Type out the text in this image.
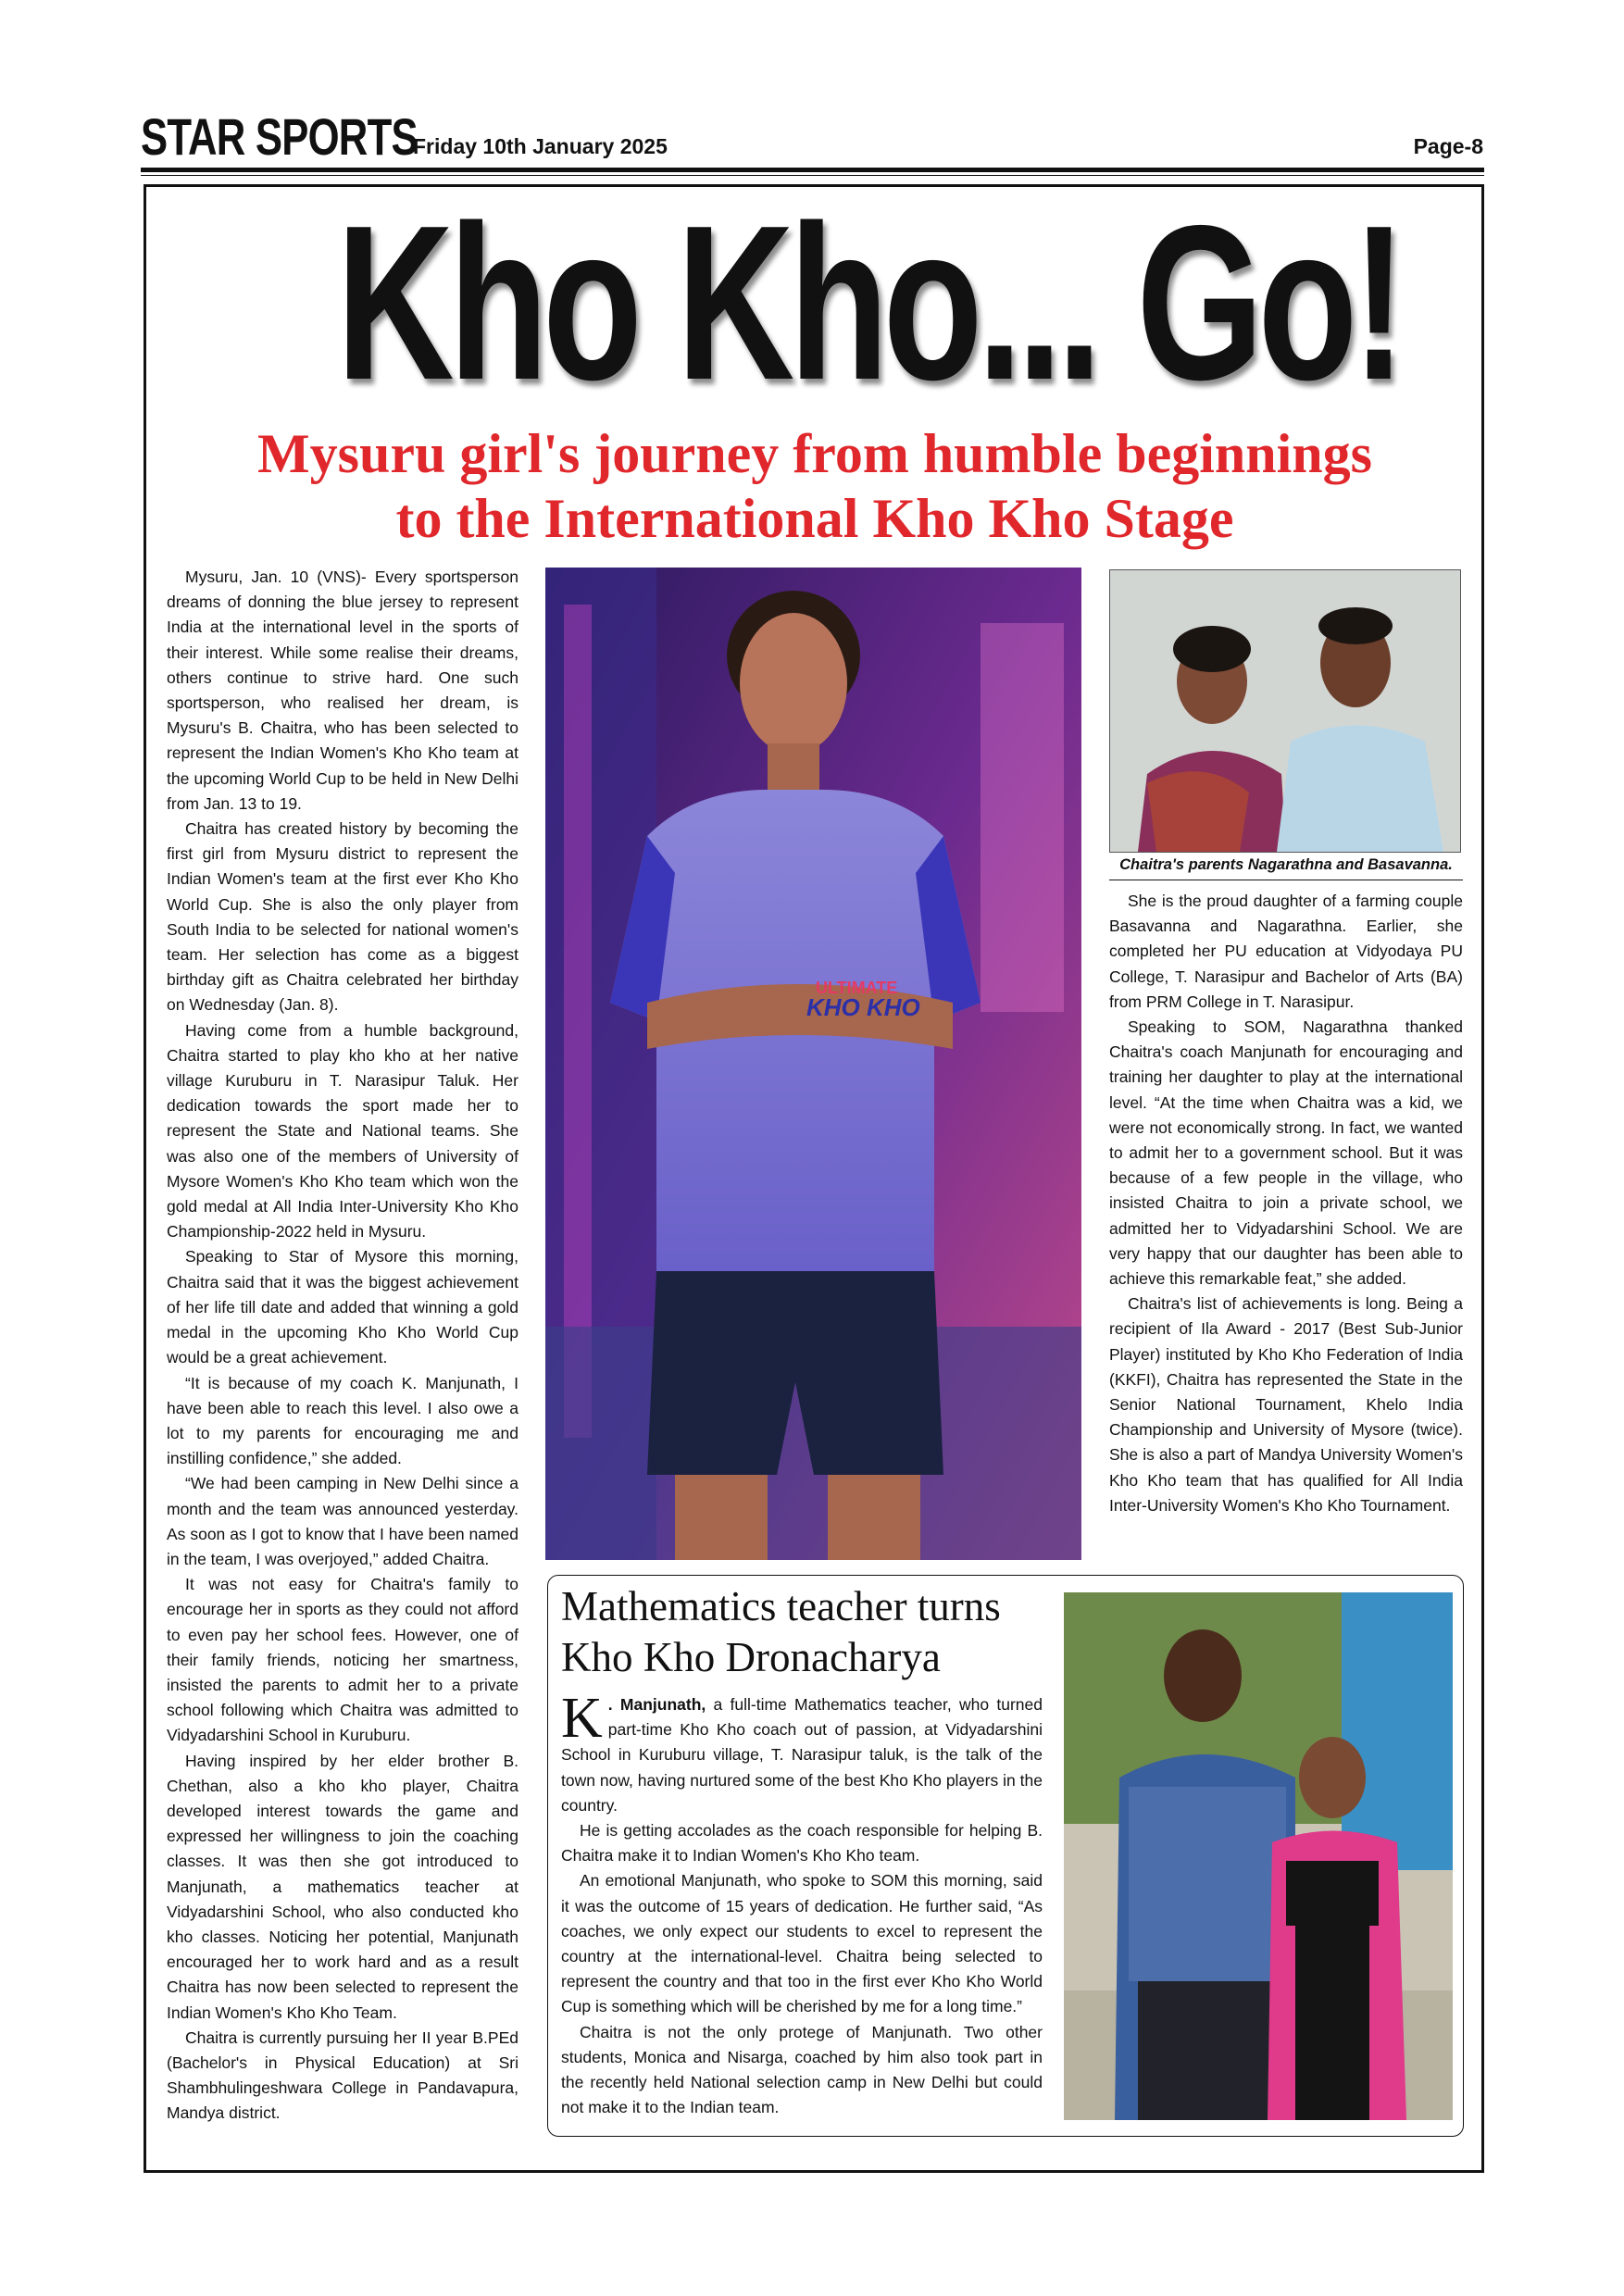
STAR SPORTS
Friday 10th January 2025	Page-8
Kho Kho... Go!
Mysuru girl's journey from humble beginnings
to the International Kho Kho Stage

Mysuru, Jan. 10 (VNS)- Every sportsperson dreams of donning the blue jersey to represent India at the international level in the sports of their interest. While some realise their dreams, others continue to strive hard. One such sportsperson, who realised her dream, is Mysuru's B. Chaitra, who has been selected to represent the Indian Women's Kho Kho team at the upcoming World Cup to be held in New Delhi from Jan. 13 to 19.

Chaitra has created history by becoming the first girl from Mysuru district to represent the Indian Women's team at the first ever Kho Kho World Cup. She is also the only player from South India to be selected for national women's team. Her selection has come as a biggest birthday gift as Chaitra celebrated her birthday on Wednesday (Jan. 8).

Having come from a humble background, Chaitra started to play kho kho at her native village Kuruburu in T. Narasipur Taluk. Her dedication towards the sport made her to represent the State and National teams. She was also one of the members of University of Mysore Women's Kho Kho team which won the gold medal at All India Inter-University Kho Kho Championship-2022 held in Mysuru.

Speaking to Star of Mysore this morning, Chaitra said that it was the biggest achievement of her life till date and added that winning a gold medal in the upcoming Kho Kho World Cup would be a great achievement.

“It is because of my coach K. Manjunath, I have been able to reach this level. I also owe a lot to my parents for encouraging me and instilling confidence,” she added.

“We had been camping in New Delhi since a month and the team was announced yesterday. As soon as I got to know that I have been named in the team, I was overjoyed,” added Chaitra.

It was not easy for Chaitra's family to encourage her in sports as they could not afford to even pay her school fees. However, one of their family friends, noticing her smartness, insisted the parents to admit her to a private school following which Chaitra was admitted to Vidyadarshini School in Kuruburu.

Having inspired by her elder brother B. Chethan, also a kho kho player, Chaitra developed interest towards the game and expressed her willingness to join the coaching classes. It was then she got introduced to Manjunath, a mathematics teacher at Vidyadarshini School, who also conducted kho kho classes. Noticing her potential, Manjunath encouraged her to work hard and as a result Chaitra has now been selected to represent the Indian Women's Kho Kho Team.

Chaitra is currently pursuing her II year B.PEd (Bachelor's in Physical Education) at Sri Shambhulingeshwara College in Pandavapura, Mandya district.

ULTIMATE
KHO KHO
Chaitra's parents Nagarathna and Basavanna.

She is the proud daughter of a farming couple Basavanna and Nagarathna. Earlier, she completed her PU education at Vidyodaya PU College, T. Narasipur and Bachelor of Arts (BA) from PRM College in T. Narasipur.

Speaking to SOM, Nagarathna thanked Chaitra's coach Manjunath for encouraging and training her daughter to play at the international level. “At the time when Chaitra was a kid, we were not economically strong. In fact, we wanted to admit her to a government school. But it was because of a few people in the village, who insisted Chaitra to join a private school, we admitted her to Vidyadarshini School. We are very happy that our daughter has been able to achieve this remarkable feat,” she added.

Chaitra's list of achievements is long. Being a recipient of Ila Award - 2017 (Best Sub-Junior Player) instituted by Kho Kho Federation of India (KKFI), Chaitra has represented the State in the Senior National Tournament, Khelo India Championship and University of Mysore (twice). She is also a part of Mandya University Women's Kho Kho team that has qualified for All India Inter-University Women's Kho Kho Tournament.

Mathematics teacher turns
Kho Kho Dronacharya

K . Manjunath, a full-time Mathematics teacher, who turned part-time Kho Kho coach out of passion, at Vidyadarshini School in Kuruburu village, T. Narasipur taluk, is the talk of the town now, having nurtured some of the best Kho Kho players in the country.

He is getting accolades as the coach responsible for helping B. Chaitra make it to Indian Women's Kho Kho team.

An emotional Manjunath, who spoke to SOM this morning, said it was the outcome of 15 years of dedication. He further said, “As coaches, we only expect our students to excel to represent the country at the international-level. Chaitra being selected to represent the country and that too in the first ever Kho Kho World Cup is something which will be cherished by me for a long time.”

Chaitra is not the only protege of Manjunath. Two other students, Monica and Nisarga, coached by him also took part in the recently held National selection camp in New Delhi but could not make it to the Indian team.
